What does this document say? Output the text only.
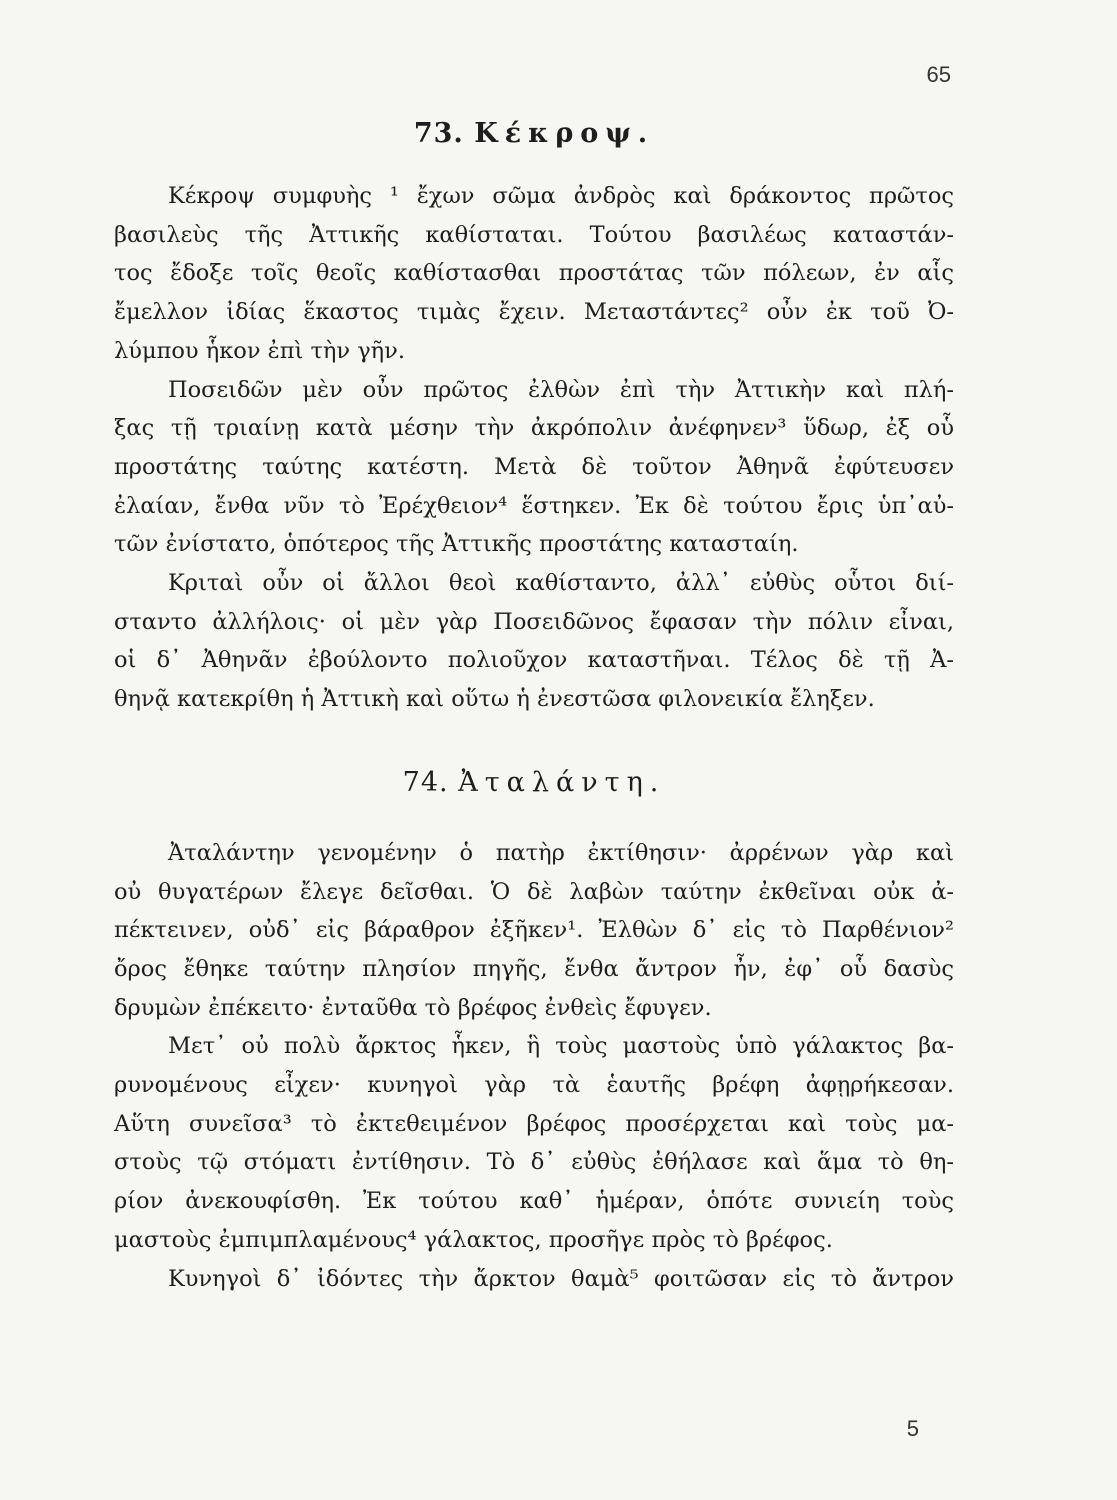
65
73. Κέκροψ.
Κέκροψ συμφυὴς ¹ ἔχων σῶμα ἀνδρὸς καὶ δράκοντος πρῶτος
βασιλεὺς τῆς Ἀττικῆς καθίσταται. Τούτου βασιλέως καταστάν-
τος ἔδοξε τοῖς θεοῖς καθίστασθαι προστάτας τῶν πόλεων, ἐν αἷς
ἔμελλον ἰδίας ἕκαστος τιμὰς ἔχειν. Μεταστάντες² οὖν ἐκ τοῦ Ὀ-
λύμπου ἧκον ἐπὶ τὴν γῆν.
Ποσειδῶν μὲν οὖν πρῶτος ἐλθὼν ἐπὶ τὴν Ἀττικὴν καὶ πλή-
ξας τῇ τριαίνῃ κατὰ μέσην τὴν ἀκρόπολιν ἀνέφηνεν³ ὕδωρ, ἐξ οὗ
προστάτης ταύτης κατέστη. Μετὰ δὲ τοῦτον Ἀθηνᾶ ἐφύτευσεν
ἐλαίαν, ἔνθα νῦν τὸ Ἐρέχθειον⁴ ἕστηκεν. Ἐκ δὲ τούτου ἔρις ὑπ᾽αὐ-
τῶν ἐνίστατο, ὁπότερος τῆς Ἀττικῆς προστάτης κατασταίη.
Κριταὶ οὖν οἱ ἄλλοι θεοὶ καθίσταντο, ἀλλ᾽ εὐθὺς οὗτοι διί-
σταντο ἀλλήλοις· οἱ μὲν γὰρ Ποσειδῶνος ἔφασαν τὴν πόλιν εἶναι,
οἱ δ᾽ Ἀθηνᾶν ἐβούλοντο πολιοῦχον καταστῆναι. Τέλος δὲ τῇ Ἀ-
θηνᾷ κατεκρίθη ἡ Ἀττικὴ καὶ οὕτω ἡ ἐνεστῶσα φιλονεικία ἔληξεν.
74. Ἀταλάντη.
Ἀταλάντην γενομένην ὁ πατὴρ ἐκτίθησιν· ἀρρένων γὰρ καὶ
οὐ θυγατέρων ἔλεγε δεῖσθαι. Ὁ δὲ λαβὼν ταύτην ἐκθεῖναι οὐκ ἀ-
πέκτεινεν, οὐδ᾽ εἰς βάραθρον ἐξῆκεν¹. Ἐλθὼν δ᾽ εἰς τὸ Παρθένιον²
ὄρος ἔθηκε ταύτην πλησίον πηγῆς, ἔνθα ἄντρον ἦν, ἐφ᾽ οὗ δασὺς
δρυμὼν ἐπέκειτο· ἐνταῦθα τὸ βρέφος ἐνθεὶς ἔφυγεν.
Μετ᾽ οὐ πολὺ ἄρκτος ἧκεν, ἣ τοὺς μαστοὺς ὑπὸ γάλακτος βα-
ρυνομένους εἶχεν· κυνηγοὶ γὰρ τὰ ἑαυτῆς βρέφη ἀφῃρήκεσαν.
Αὕτη συνεῖσα³ τὸ ἐκτεθειμένον βρέφος προσέρχεται καὶ τοὺς μα-
στοὺς τῷ στόματι ἐντίθησιν. Τὸ δ᾽ εὐθὺς ἐθήλασε καὶ ἅμα τὸ θη-
ρίον ἀνεκουφίσθη. Ἐκ τούτου καθ᾽ ἡμέραν, ὁπότε συνιείη τοὺς
μαστοὺς ἐμπιμπλαμένους⁴ γάλακτος, προσῆγε πρὸς τὸ βρέφος.
Κυνηγοὶ δ᾽ ἰδόντες τὴν ἄρκτον θαμὰ⁵ φοιτῶσαν εἰς τὸ ἄντρον
5
